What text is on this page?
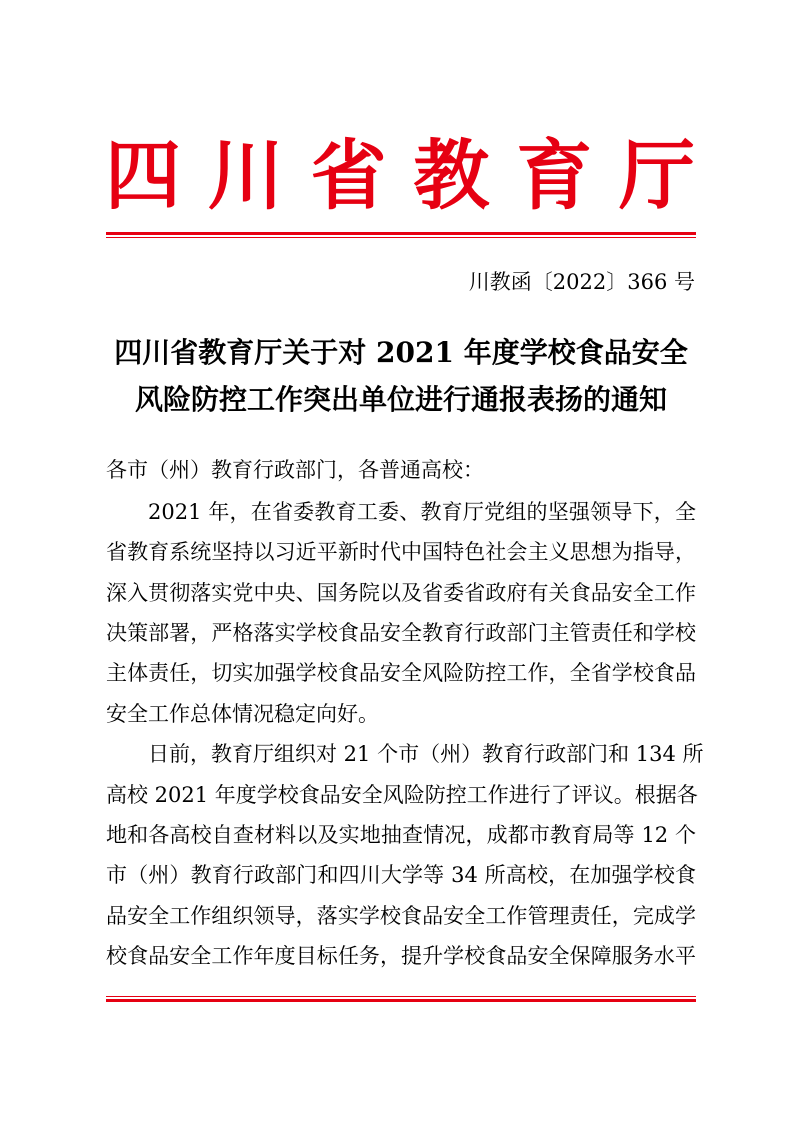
四 川 省 教 育 厅
川教函〔2022〕366 号
四川省教育厅关于对 2021 年度学校食品安全
风险防控工作突出单位进行通报表扬的通知
各市（州）教育行政部门，各普通高校：
2021 年，在省委教育工委、教育厅党组的坚强领导下，全
省教育系统坚持以习近平新时代中国特色社会主义思想为指导，
深入贯彻落实党中央、国务院以及省委省政府有关食品安全工作
决策部署，严格落实学校食品安全教育行政部门主管责任和学校
主体责任，切实加强学校食品安全风险防控工作，全省学校食品
安全工作总体情况稳定向好。
日前，教育厅组织对 21 个市（州）教育行政部门和 134 所
高校 2021 年度学校食品安全风险防控工作进行了评议。根据各
地和各高校自查材料以及实地抽查情况，成都市教育局等 12 个
市（州）教育行政部门和四川大学等 34 所高校，在加强学校食
品安全工作组织领导，落实学校食品安全工作管理责任，完成学
校食品安全工作年度目标任务，提升学校食品安全保障服务水平
